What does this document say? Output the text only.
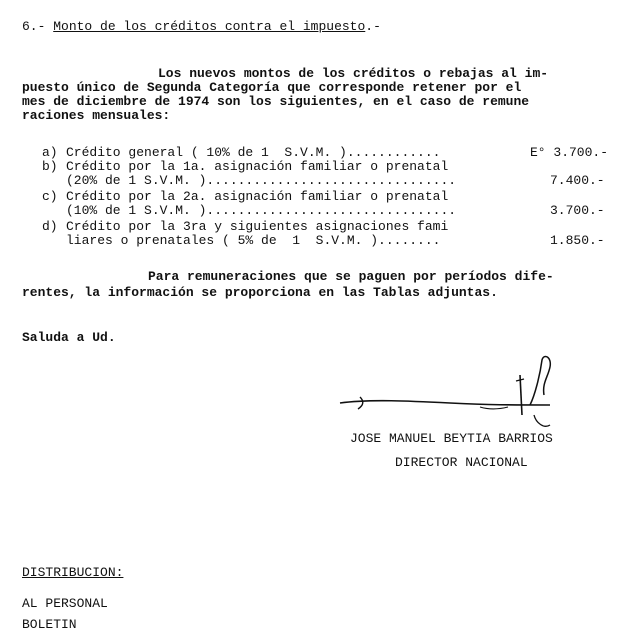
6.- Monto de los créditos contra el impuesto.-
Los nuevos montos de los créditos o rebajas al im-
puesto único de Segunda Categoría que corresponde retener por el
mes de diciembre de 1974 son los siguientes, en el caso de remune
raciones mensuales:
a) Crédito general ( 10% de 1  S.V.M. )............	E° 3.700.-
b) Crédito por la 1a. asignación familiar o prenatal
(20% de 1 S.V.M. )................................	7.400.-
c) Crédito por la 2a. asignación familiar o prenatal
(10% de 1 S.V.M. )................................	3.700.-
d) Crédito por la 3ra y siguientes asignaciones fami
liares o prenatales ( 5% de  1  S.V.M. )........	1.850.-
Para remuneraciones que se paguen por períodos dife-
rentes, la información se proporciona en las Tablas adjuntas.
Saluda a Ud.
JOSE MANUEL BEYTIA BARRIOS
DIRECTOR NACIONAL
DISTRIBUCION:
AL PERSONAL
BOLETIN
